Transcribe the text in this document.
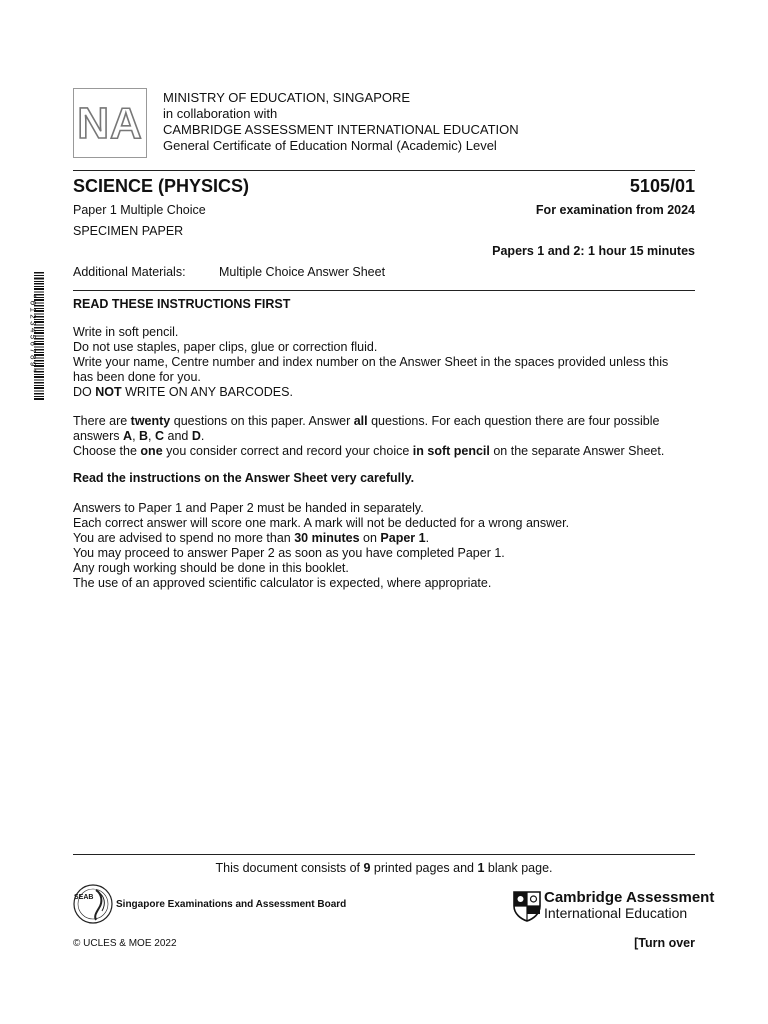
NA
MINISTRY OF EDUCATION, SINGAPORE
in collaboration with
CAMBRIDGE ASSESSMENT INTERNATIONAL EDUCATION
General Certificate of Education Normal (Academic) Level
SCIENCE (PHYSICS)	5105/01
Paper 1 Multiple Choice	For examination from 2024
SPECIMEN PAPER
Papers 1 and 2: 1 hour 15 minutes
Additional Materials:	Multiple Choice Answer Sheet
*0123456789*	READ THESE INSTRUCTIONS FIRST
Write in soft pencil.
Do not use staples, paper clips, glue or correction fluid.
Write your name, Centre number and index number on the Answer Sheet in the spaces provided unless this
has been done for you.
DO NOT WRITE ON ANY BARCODES.
There are twenty questions on this paper. Answer all questions. For each question there are four possible
answers A, B, C and D.
Choose the one you consider correct and record your choice in soft pencil on the separate Answer Sheet.
Read the instructions on the Answer Sheet very carefully.
Answers to Paper 1 and Paper 2 must be handed in separately.
Each correct answer will score one mark. A mark will not be deducted for a wrong answer.
You are advised to spend no more than 30 minutes on Paper 1.
You may proceed to answer Paper 2 as soon as you have completed Paper 1.
Any rough working should be done in this booklet.
The use of an approved scientific calculator is expected, where appropriate.
This document consists of 9 printed pages and 1 blank page.
SEAB
Singapore Examinations and Assessment Board	Cambridge Assessment
International Education
© UCLES & MOE 2022	[Turn over
